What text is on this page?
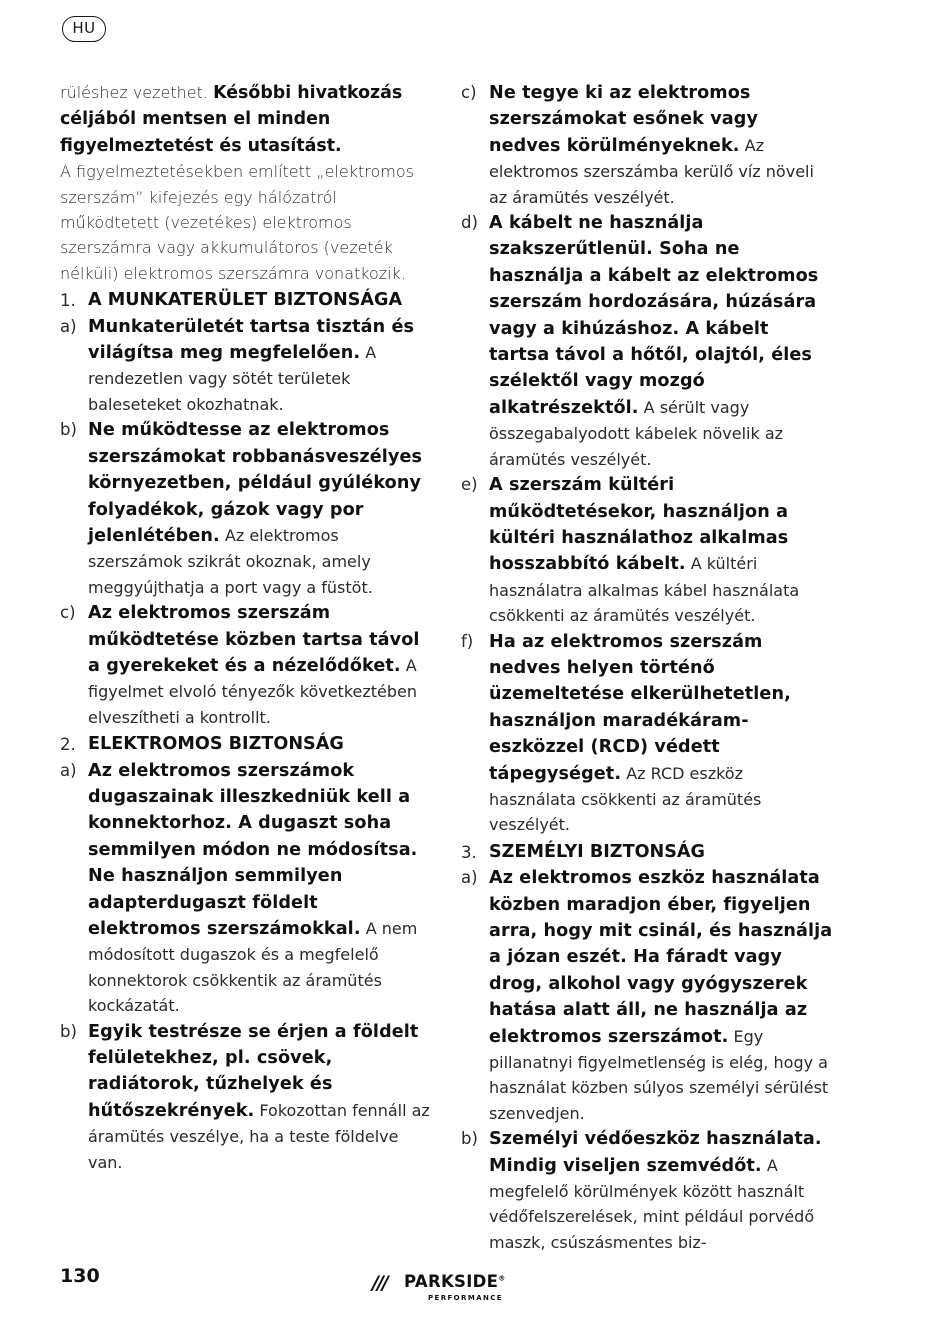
HU

rüléshez vezethet. Későbbi hivatkozás céljából mentsen el minden figyelmeztetést és utasítást.

A figyelmeztetésekben említett „elektromos szerszám” kifejezés egy hálózatról működtetett (vezetékes) elektromos szerszámra vagy akkumulátoros (vezeték nélküli) elektromos szerszámra vonatkozik.

1. A MUNKATERÜLET BIZTONSÁGA
a) Munkaterületét tartsa tisztán és világítsa meg megfelelően. A rendezetlen vagy sötét területek baleseteket okozhatnak.
b) Ne működtesse az elektromos szerszámokat robbanásveszélyes környezetben, például gyúlékony folyadékok, gázok vagy por jelenlétében. Az elektromos szerszámok szikrát okoznak, amely meggyújthatja a port vagy a füstöt.
c) Az elektromos szerszám működtetése közben tartsa távol a gyerekeket és a nézelődőket. A figyelmet elvoló tényezők következtében elveszítheti a kontrollt.
2. ELEKTROMOS BIZTONSÁG
a) Az elektromos szerszámok dugaszainak illeszkedniük kell a konnektorhoz. A dugaszt soha semmilyen módon ne módosítsa. Ne használjon semmilyen adapterdugaszt földelt elektromos szerszámokkal. A nem módosított dugaszok és a megfelelő konnektorok csökkentik az áramütés kockázatát.
b) Egyik testrésze se érjen a földelt felületekhez, pl. csövek, radiátorok, tűzhelyek és hűtőszekrények. Fokozottan fennáll az áramütés veszélye, ha a teste földelve van.
c) Ne tegye ki az elektromos szerszámokat esőnek vagy nedves körülményeknek. Az elektromos szerszámba kerülő víz növeli az áramütés veszélyét.
d) A kábelt ne használja szakszerűtlenül. Soha ne használja a kábelt az elektromos szerszám hordozására, húzására vagy a kihúzáshoz. A kábelt tartsa távol a hőtől, olajtól, éles szélektől vagy mozgó alkatrészektől. A sérült vagy összegabalyodott kábelek növelik az áramütés veszélyét.
e) A szerszám kültéri működtetésekor, használjon a kültéri használathoz alkalmas hosszabbító kábelt. A kültéri használatra alkalmas kábel használata csökkenti az áramütés veszélyét.
f) Ha az elektromos szerszám nedves helyen történő üzemeltetése elkerülhetetlen, használjon maradékáram-eszközzel (RCD) védett tápegységet. Az RCD eszköz használata csökkenti az áramütés veszélyét.
3. SZEMÉLYI BIZTONSÁG
a) Az elektromos eszköz használata közben maradjon éber, figyeljen arra, hogy mit csinál, és használja a józan eszét. Ha fáradt vagy drog, alkohol vagy gyógyszerek hatása alatt áll, ne használja az elektromos szerszámot. Egy pillanatnyi figyelmetlenség is elég, hogy a használat közben súlyos személyi sérülést szenvedjen.
b) Személyi védőeszköz használata. Mindig viseljen szemvédőt. A megfelelő körülmények között használt védőfelszerelések, mint például porvédő maszk, csúszásmentes biz-
130	/// PARKSIDE®
PERFORMANCE
